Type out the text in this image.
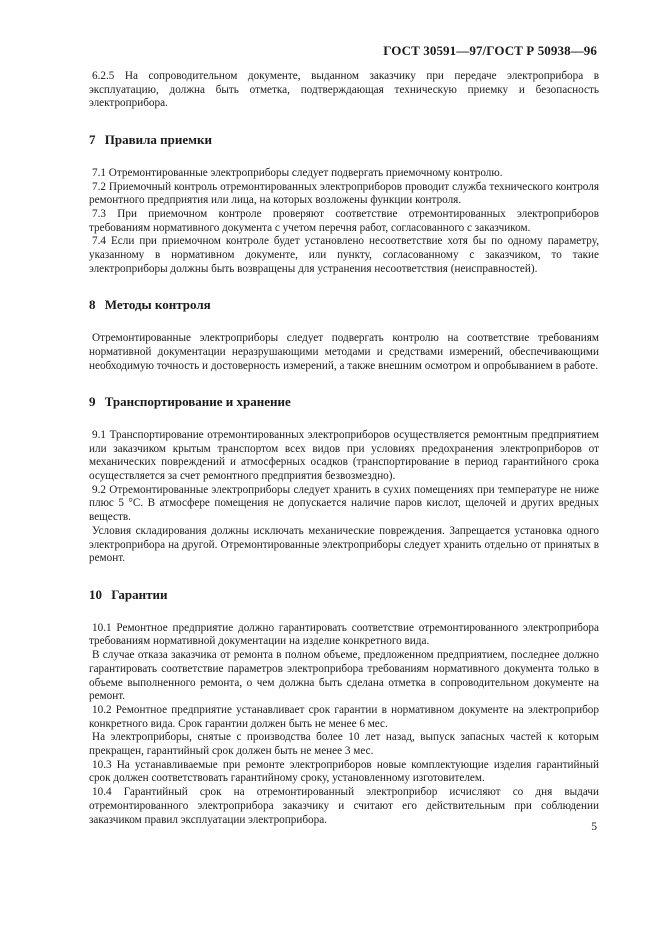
ГОСТ 30591—97/ГОСТ Р 50938—96

6.2.5 На сопроводительном документе, выданном заказчику при передаче электроприбора в эксплуатацию, должна быть отметка, подтверждающая техническую приемку и безопасность электроприбора.

7 Правила приемки

7.1 Отремонтированные электроприборы следует подвергать приемочному контролю.

7.2 Приемочный контроль отремонтированных электроприборов проводит служба технического контроля ремонтного предприятия или лица, на которых возложены функции контроля.

7.3 При приемочном контроле проверяют соответствие отремонтированных электроприборов требованиям нормативного документа с учетом перечня работ, согласованного с заказчиком.

7.4 Если при приемочном контроле будет установлено несоответствие хотя бы по одному параметру, указанному в нормативном документе, или пункту, согласованному с заказчиком, то такие электроприборы должны быть возвращены для устранения несоответствия (неисправностей).

8 Методы контроля

Отремонтированные электроприборы следует подвергать контролю на соответствие требованиям нормативной документации неразрушающими методами и средствами измерений, обеспечивающими необходимую точность и достоверность измерений, а также внешним осмотром и опробыванием в работе.

9 Транспортирование и хранение

9.1 Транспортирование отремонтированных электроприборов осуществляется ремонтным предприятием или заказчиком крытым транспортом всех видов при условиях предохранения электроприборов от механических повреждений и атмосферных осадков (транспортирование в период гарантийного срока осуществляется за счет ремонтного предприятия безвозмездно).

9.2 Отремонтированные электроприборы следует хранить в сухих помещениях при температуре не ниже плюс 5 °С. В атмосфере помещения не допускается наличие паров кислот, щелочей и других вредных веществ.

Условия складирования должны исключать механические повреждения. Запрещается установка одного электроприбора на другой. Отремонтированные электроприборы следует хранить отдельно от принятых в ремонт.

10 Гарантии

10.1 Ремонтное предприятие должно гарантировать соответствие отремонтированного электроприбора требованиям нормативной документации на изделие конкретного вида.

В случае отказа заказчика от ремонта в полном объеме, предложенном предприятием, последнее должно гарантировать соответствие параметров электроприбора требованиям нормативного документа только в объеме выполненного ремонта, о чем должна быть сделана отметка в сопроводительном документе на ремонт.

10.2 Ремонтное предприятие устанавливает срок гарантии в нормативном документе на электроприбор конкретного вида. Срок гарантии должен быть не менее 6 мес.

На электроприборы, снятые с производства более 10 лет назад, выпуск запасных частей к которым прекращен, гарантийный срок должен быть не менее 3 мес.

10.3 На устанавливаемые при ремонте электроприборов новые комплектующие изделия гарантийный срок должен соответствовать гарантийному сроку, установленному изготовителем.

10.4 Гарантийный срок на отремонтированный электроприбор исчисляют со дня выдачи отремонтированного электроприбора заказчику и считают его действительным при соблюдении заказчиком правил эксплуатации электроприбора.

5
